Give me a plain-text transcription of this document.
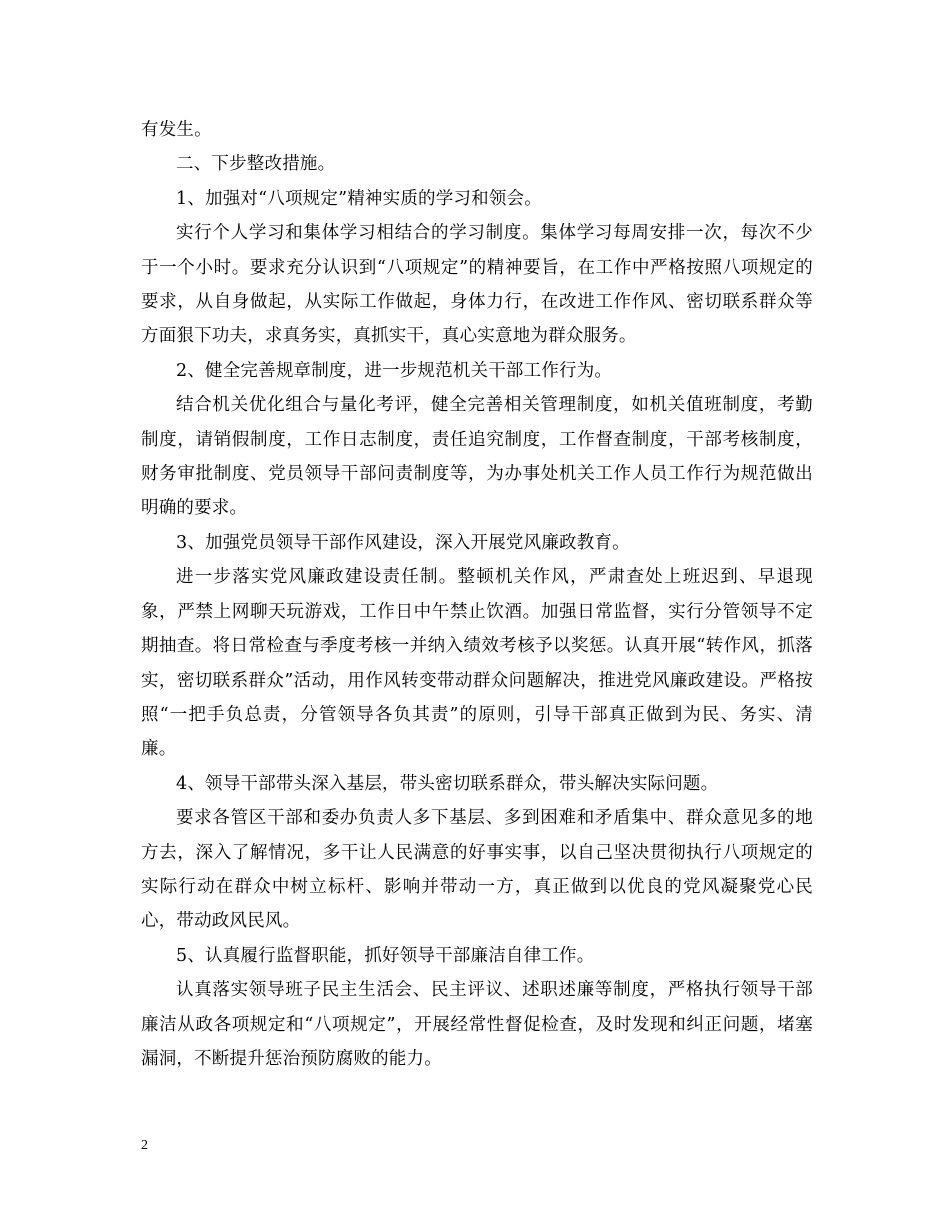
有发生。

二、下步整改措施。

1、加强对“八项规定”精神实质的学习和领会。

实行个人学习和集体学习相结合的学习制度。集体学习每周安排一次，每次不少于一个小时。要求充分认识到“八项规定”的精神要旨，在工作中严格按照八项规定的要求，从自身做起，从实际工作做起，身体力行，在改进工作作风、密切联系群众等方面狠下功夫，求真务实，真抓实干，真心实意地为群众服务。

2、健全完善规章制度，进一步规范机关干部工作行为。

结合机关优化组合与量化考评，健全完善相关管理制度，如机关值班制度，考勤制度，请销假制度，工作日志制度，责任追究制度，工作督查制度，干部考核制度，财务审批制度、党员领导干部问责制度等，为办事处机关工作人员工作行为规范做出明确的要求。

3、加强党员领导干部作风建设，深入开展党风廉政教育。

进一步落实党风廉政建设责任制。整顿机关作风，严肃查处上班迟到、早退现象，严禁上网聊天玩游戏，工作日中午禁止饮酒。加强日常监督，实行分管领导不定期抽查。将日常检查与季度考核一并纳入绩效考核予以奖惩。认真开展“转作风，抓落实，密切联系群众”活动，用作风转变带动群众问题解决，推进党风廉政建设。严格按照“一把手负总责，分管领导各负其责”的原则，引导干部真正做到为民、务实、清廉。

4、领导干部带头深入基层，带头密切联系群众，带头解决实际问题。

要求各管区干部和委办负责人多下基层、多到困难和矛盾集中、群众意见多的地方去，深入了解情况，多干让人民满意的好事实事，以自己坚决贯彻执行八项规定的实际行动在群众中树立标杆、影响并带动一方，真正做到以优良的党风凝聚党心民心，带动政风民风。

5、认真履行监督职能，抓好领导干部廉洁自律工作。

认真落实领导班子民主生活会、民主评议、述职述廉等制度，严格执行领导干部廉洁从政各项规定和“八项规定”，开展经常性督促检查，及时发现和纠正问题，堵塞漏洞，不断提升惩治预防腐败的能力。

2
